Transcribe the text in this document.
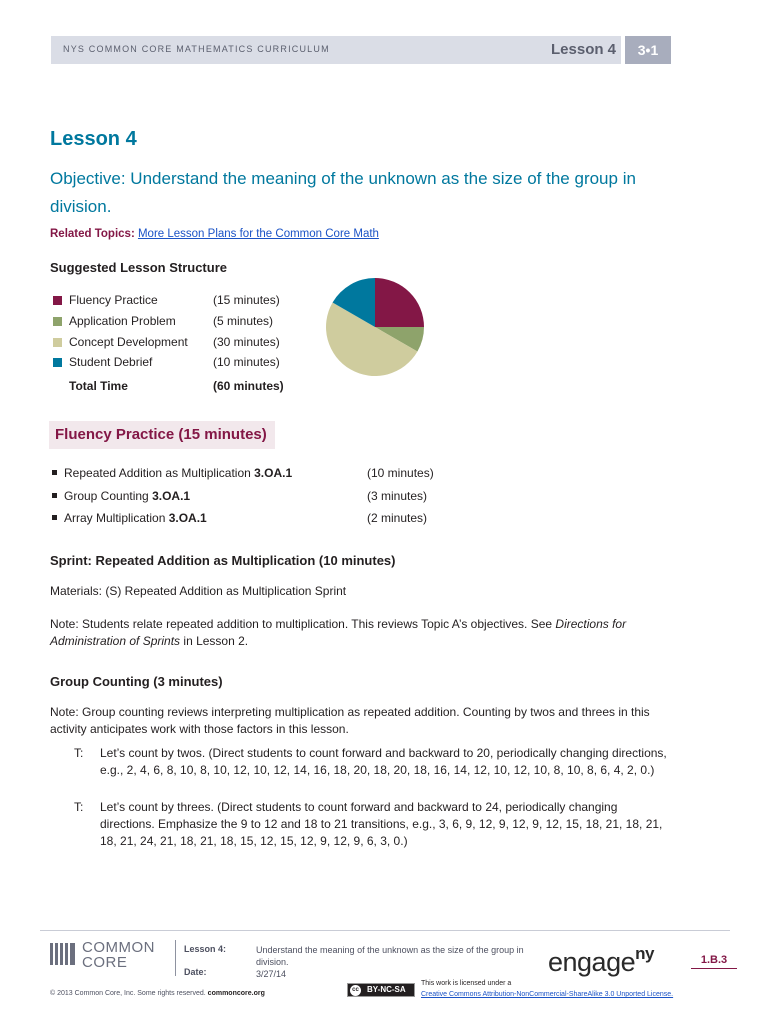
NYS COMMON CORE MATHEMATICS CURRICULUM	Lesson 4	3•1
Lesson 4
Objective: Understand the meaning of the unknown as the size of the group in division.
Related Topics: More Lesson Plans for the Common Core Math
Suggested Lesson Structure
Fluency Practice	(15 minutes)
Application Problem	(5 minutes)
Concept Development (30 minutes)
Student Debrief	(10 minutes)
Total Time	(60 minutes)
Fluency Practice (15 minutes)
Repeated Addition as Multiplication 3.OA.1	(10 minutes)
Group Counting 3.OA.1	(3 minutes)
Array Multiplication 3.OA.1	(2 minutes)
Sprint: Repeated Addition as Multiplication (10 minutes)
Materials: (S) Repeated Addition as Multiplication Sprint
Note: Students relate repeated addition to multiplication. This reviews Topic A’s objectives. See Directions for Administration of Sprints in Lesson 2.
Group Counting (3 minutes)
Note: Group counting reviews interpreting multiplication as repeated addition. Counting by twos and threes in this activity anticipates work with those factors in this lesson.
T: Let’s count by twos. (Direct students to count forward and backward to 20, periodically changing directions, e.g., 2, 4, 6, 8, 10, 8, 10, 12, 10, 12, 14, 16, 18, 20, 18, 20, 18, 16, 14, 12, 10, 12, 10, 8, 10, 8, 6, 4, 2, 0.)
T: Let’s count by threes. (Direct students to count forward and backward to 24, periodically changing directions. Emphasize the 9 to 12 and 18 to 21 transitions, e.g., 3, 6, 9, 12, 9, 12, 9, 12, 15, 18, 21, 18, 21, 18, 21, 24, 21, 18, 21, 18, 15, 12, 15, 12, 9, 12, 9, 6, 3, 0.)
COMMON
CORE
Lesson 4:
Date:
Understand the meaning of the unknown as the size of the group in division.
3/27/14	engage$^{ny}$	1.B.3
© 2013 Common Core, Inc. Some rights reserved. commoncore.org	cc BY-NC-SA
This work is licensed under a
Creative Commons Attribution-NonCommercial-ShareAlike 3.0 Unported License.
